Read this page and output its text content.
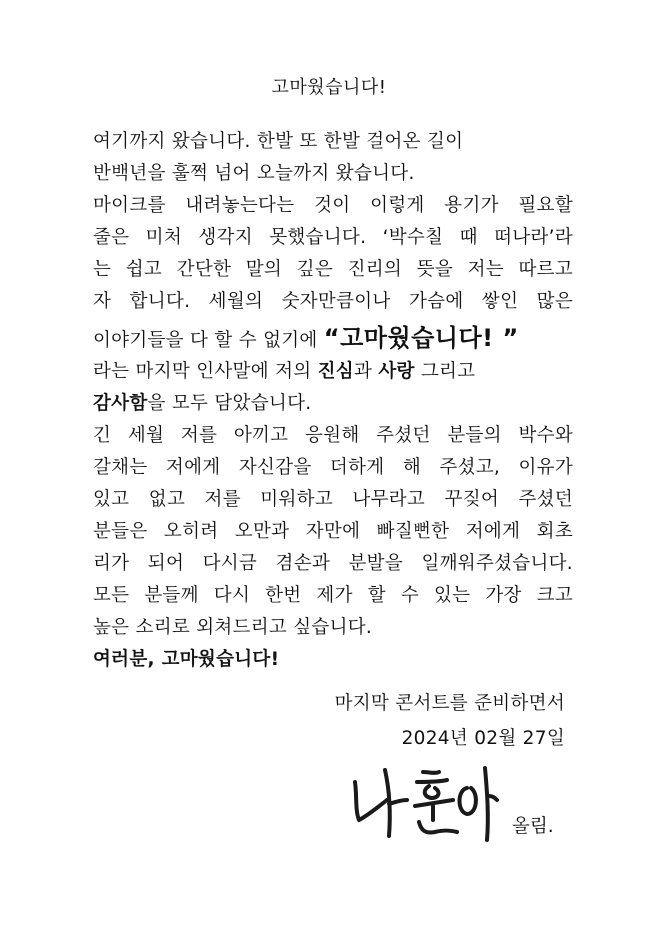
고마웠습니다!
여기까지 왔습니다. 한발 또 한발 걸어온 길이
반백년을 훌쩍 넘어 오늘까지 왔습니다.
마이크를 내려놓는다는 것이 이렇게 용기가 필요할
줄은 미처 생각지 못했습니다. ‘박수칠 때 떠나라’라
는 쉽고 간단한 말의 깊은 진리의 뜻을 저는 따르고
자 합니다. 세월의 숫자만큼이나 가슴에 쌓인 많은
이야기들을 다 할 수 없기에 “고마웠습니다! ”
라는 마지막 인사말에 저의 진심과 사랑 그리고
감사함을 모두 담았습니다.
긴 세월 저를 아끼고 응원해 주셨던 분들의 박수와
갈채는 저에게 자신감을 더하게 해 주셨고, 이유가
있고 없고 저를 미워하고 나무라고 꾸짖어 주셨던
분들은 오히려 오만과 자만에 빠질뻔한 저에게 회초
리가 되어 다시금 겸손과 분발을 일깨워주셨습니다.
모든 분들께 다시 한번 제가 할 수 있는 가장 크고
높은 소리로 외쳐드리고 싶습니다.
여러분, 고마웠습니다!
마지막 콘서트를 준비하면서
2024년 02월 27일
올림.
